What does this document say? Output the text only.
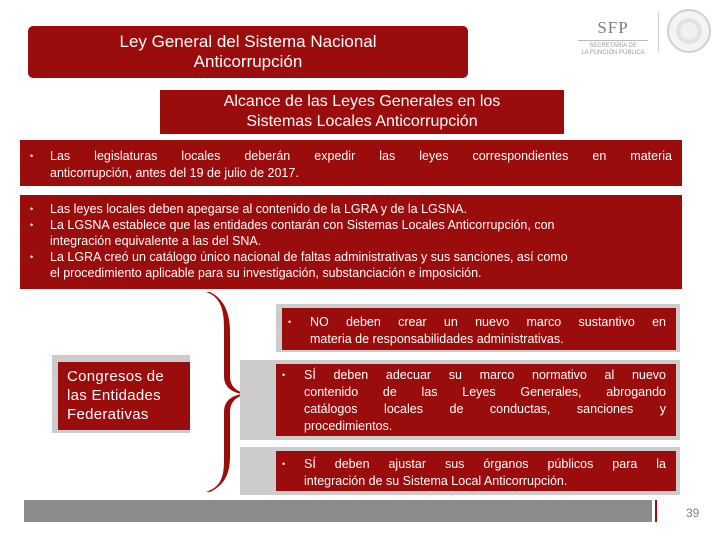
Ley General del Sistema Nacional
Anticorrupción
SFP
SECRETARÍA DE
LA FUNCIÓN PÚBLICA
Alcance de las Leyes Generales en los
Sistemas Locales Anticorrupción
•	Las legislaturas locales deberán expedir las leyes correspondientes en materia
anticorrupción, antes del 19 de julio de 2017.
•	Las leyes locales deben apegarse al contenido de la LGRA y de la LGSNA.
•	La LGSNA establece que las entidades contarán con Sistemas Locales Anticorrupción, con
integración equivalente a las del SNA.
•	La LGRA creó un catálogo único nacional de faltas administrativas y sus sanciones, así como
el procedimiento aplicable para su investigación, substanciación e imposición.
Congresos de
las Entidades
Federativas
•	NO deben crear un nuevo marco sustantivo en
materia de responsabilidades administrativas.
•	SÍ deben adecuar su marco normativo al nuevo
contenido de las Leyes Generales, abrogando
catálogos locales de conductas, sanciones y
procedimientos.
•	SÍ deben ajustar sus órganos públicos para la
integración de su Sistema Local Anticorrupción.
39
